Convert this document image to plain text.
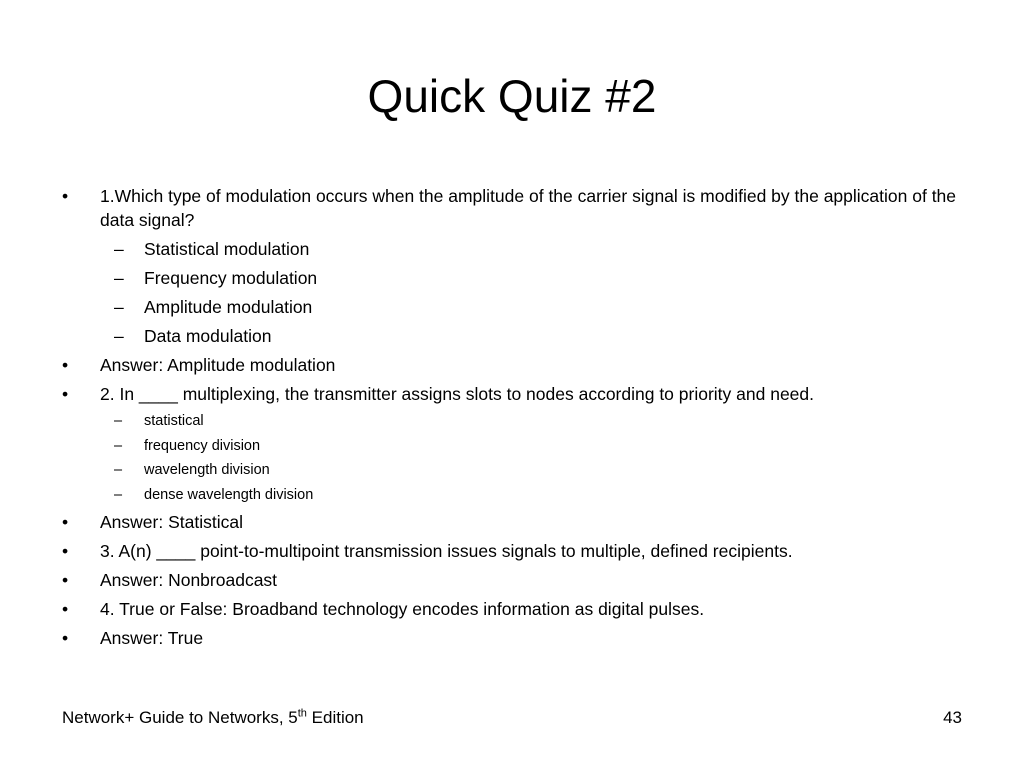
Quick Quiz #2
•	1.Which type of modulation occurs when the amplitude of the carrier signal is modified by the application of the data signal?
– Statistical modulation
– Frequency modulation
– Amplitude modulation
– Data modulation
•	Answer: Amplitude modulation
•	2. In ____ multiplexing, the transmitter assigns slots to nodes according to priority and need.
– statistical
– frequency division
– wavelength division
– dense wavelength division
•	Answer: Statistical
•	3. A(n) ____ point-to-multipoint transmission issues signals to multiple, defined recipients.
•	Answer: Nonbroadcast
•	4. True or False: Broadband technology encodes information as digital pulses.
•	Answer: True
Network+ Guide to Networks, 5th Edition	43
